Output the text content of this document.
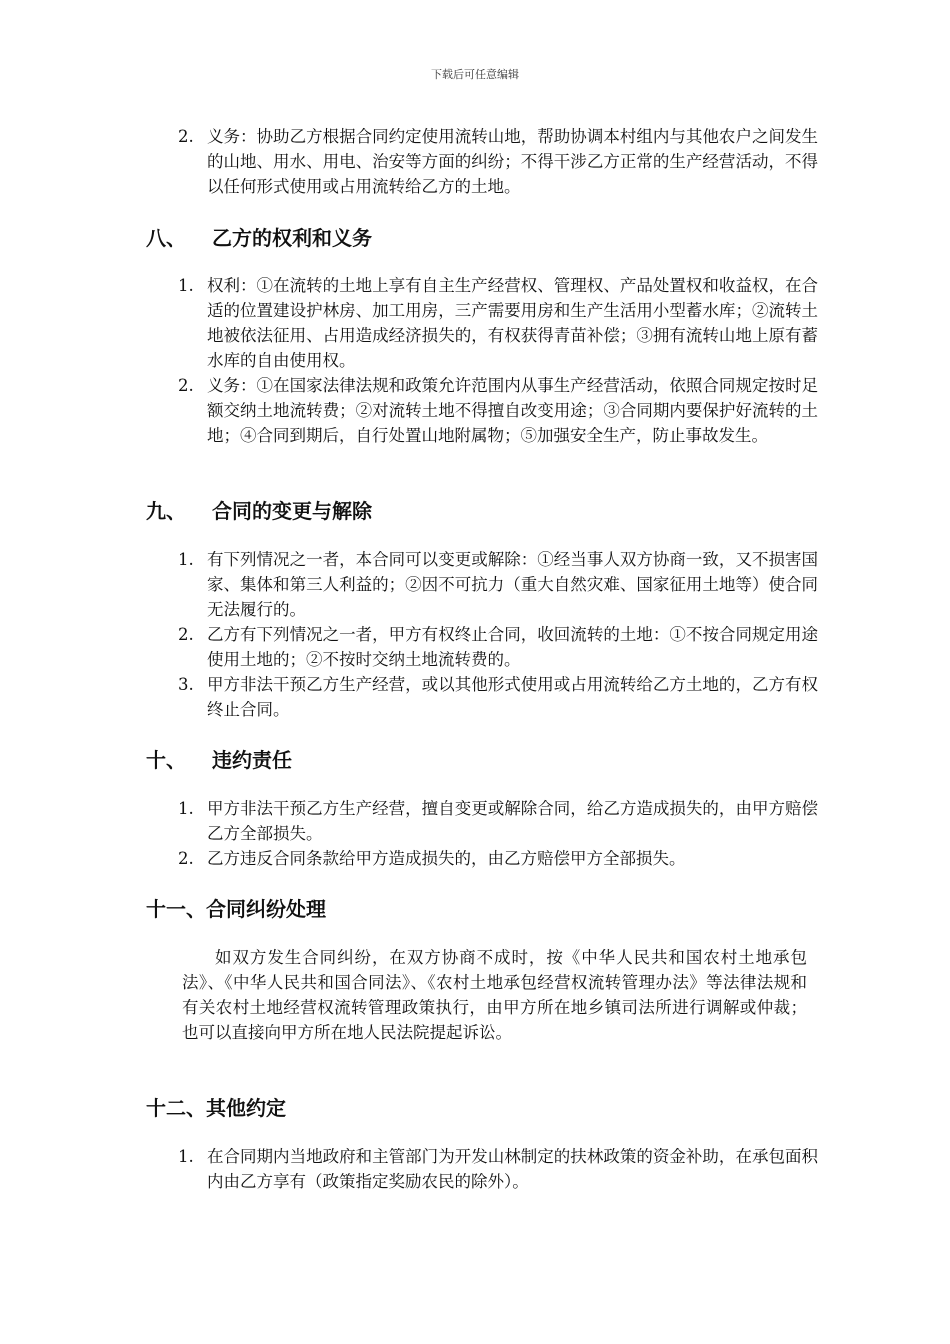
下载后可任意编辑
2. 义务：协助乙方根据合同约定使用流转山地，帮助协调本村组内与其他农户之间发生的山地、用水、用电、治安等方面的纠纷；不得干涉乙方正常的生产经营活动，不得以任何形式使用或占用流转给乙方的土地。
八、 乙方的权利和义务
1. 权利：①在流转的土地上享有自主生产经营权、管理权、产品处置权和收益权，在合适的位置建设护林房、加工用房，三产需要用房和生产生活用小型蓄水库；②流转土地被依法征用、占用造成经济损失的，有权获得青苗补偿；③拥有流转山地上原有蓄水库的自由使用权。
2. 义务：①在国家法律法规和政策允许范围内从事生产经营活动，依照合同规定按时足额交纳土地流转费；②对流转土地不得擅自改变用途；③合同期内要保护好流转的土地；④合同到期后，自行处置山地附属物；⑤加强安全生产，防止事故发生。
九、 合同的变更与解除
1. 有下列情况之一者，本合同可以变更或解除：①经当事人双方协商一致，又不损害国家、集体和第三人利益的；②因不可抗力（重大自然灾难、国家征用土地等）使合同无法履行的。
2. 乙方有下列情况之一者，甲方有权终止合同，收回流转的土地：①不按合同规定用途使用土地的；②不按时交纳土地流转费的。
3. 甲方非法干预乙方生产经营，或以其他形式使用或占用流转给乙方土地的，乙方有权终止合同。
十、 违约责任
1. 甲方非法干预乙方生产经营，擅自变更或解除合同，给乙方造成损失的，由甲方赔偿乙方全部损失。
2. 乙方违反合同条款给甲方造成损失的，由乙方赔偿甲方全部损失。
十一、合同纠纷处理
如双方发生合同纠纷，在双方协商不成时，按《中华人民共和国农村土地承包法》、《中华人民共和国合同法》、《农村土地承包经营权流转管理办法》等法律法规和有关农村土地经营权流转管理政策执行，由甲方所在地乡镇司法所进行调解或仲裁；也可以直接向甲方所在地人民法院提起诉讼。
十二、其他约定
1. 在合同期内当地政府和主管部门为开发山林制定的扶林政策的资金补助，在承包面积内由乙方享有（政策指定奖励农民的除外）。
